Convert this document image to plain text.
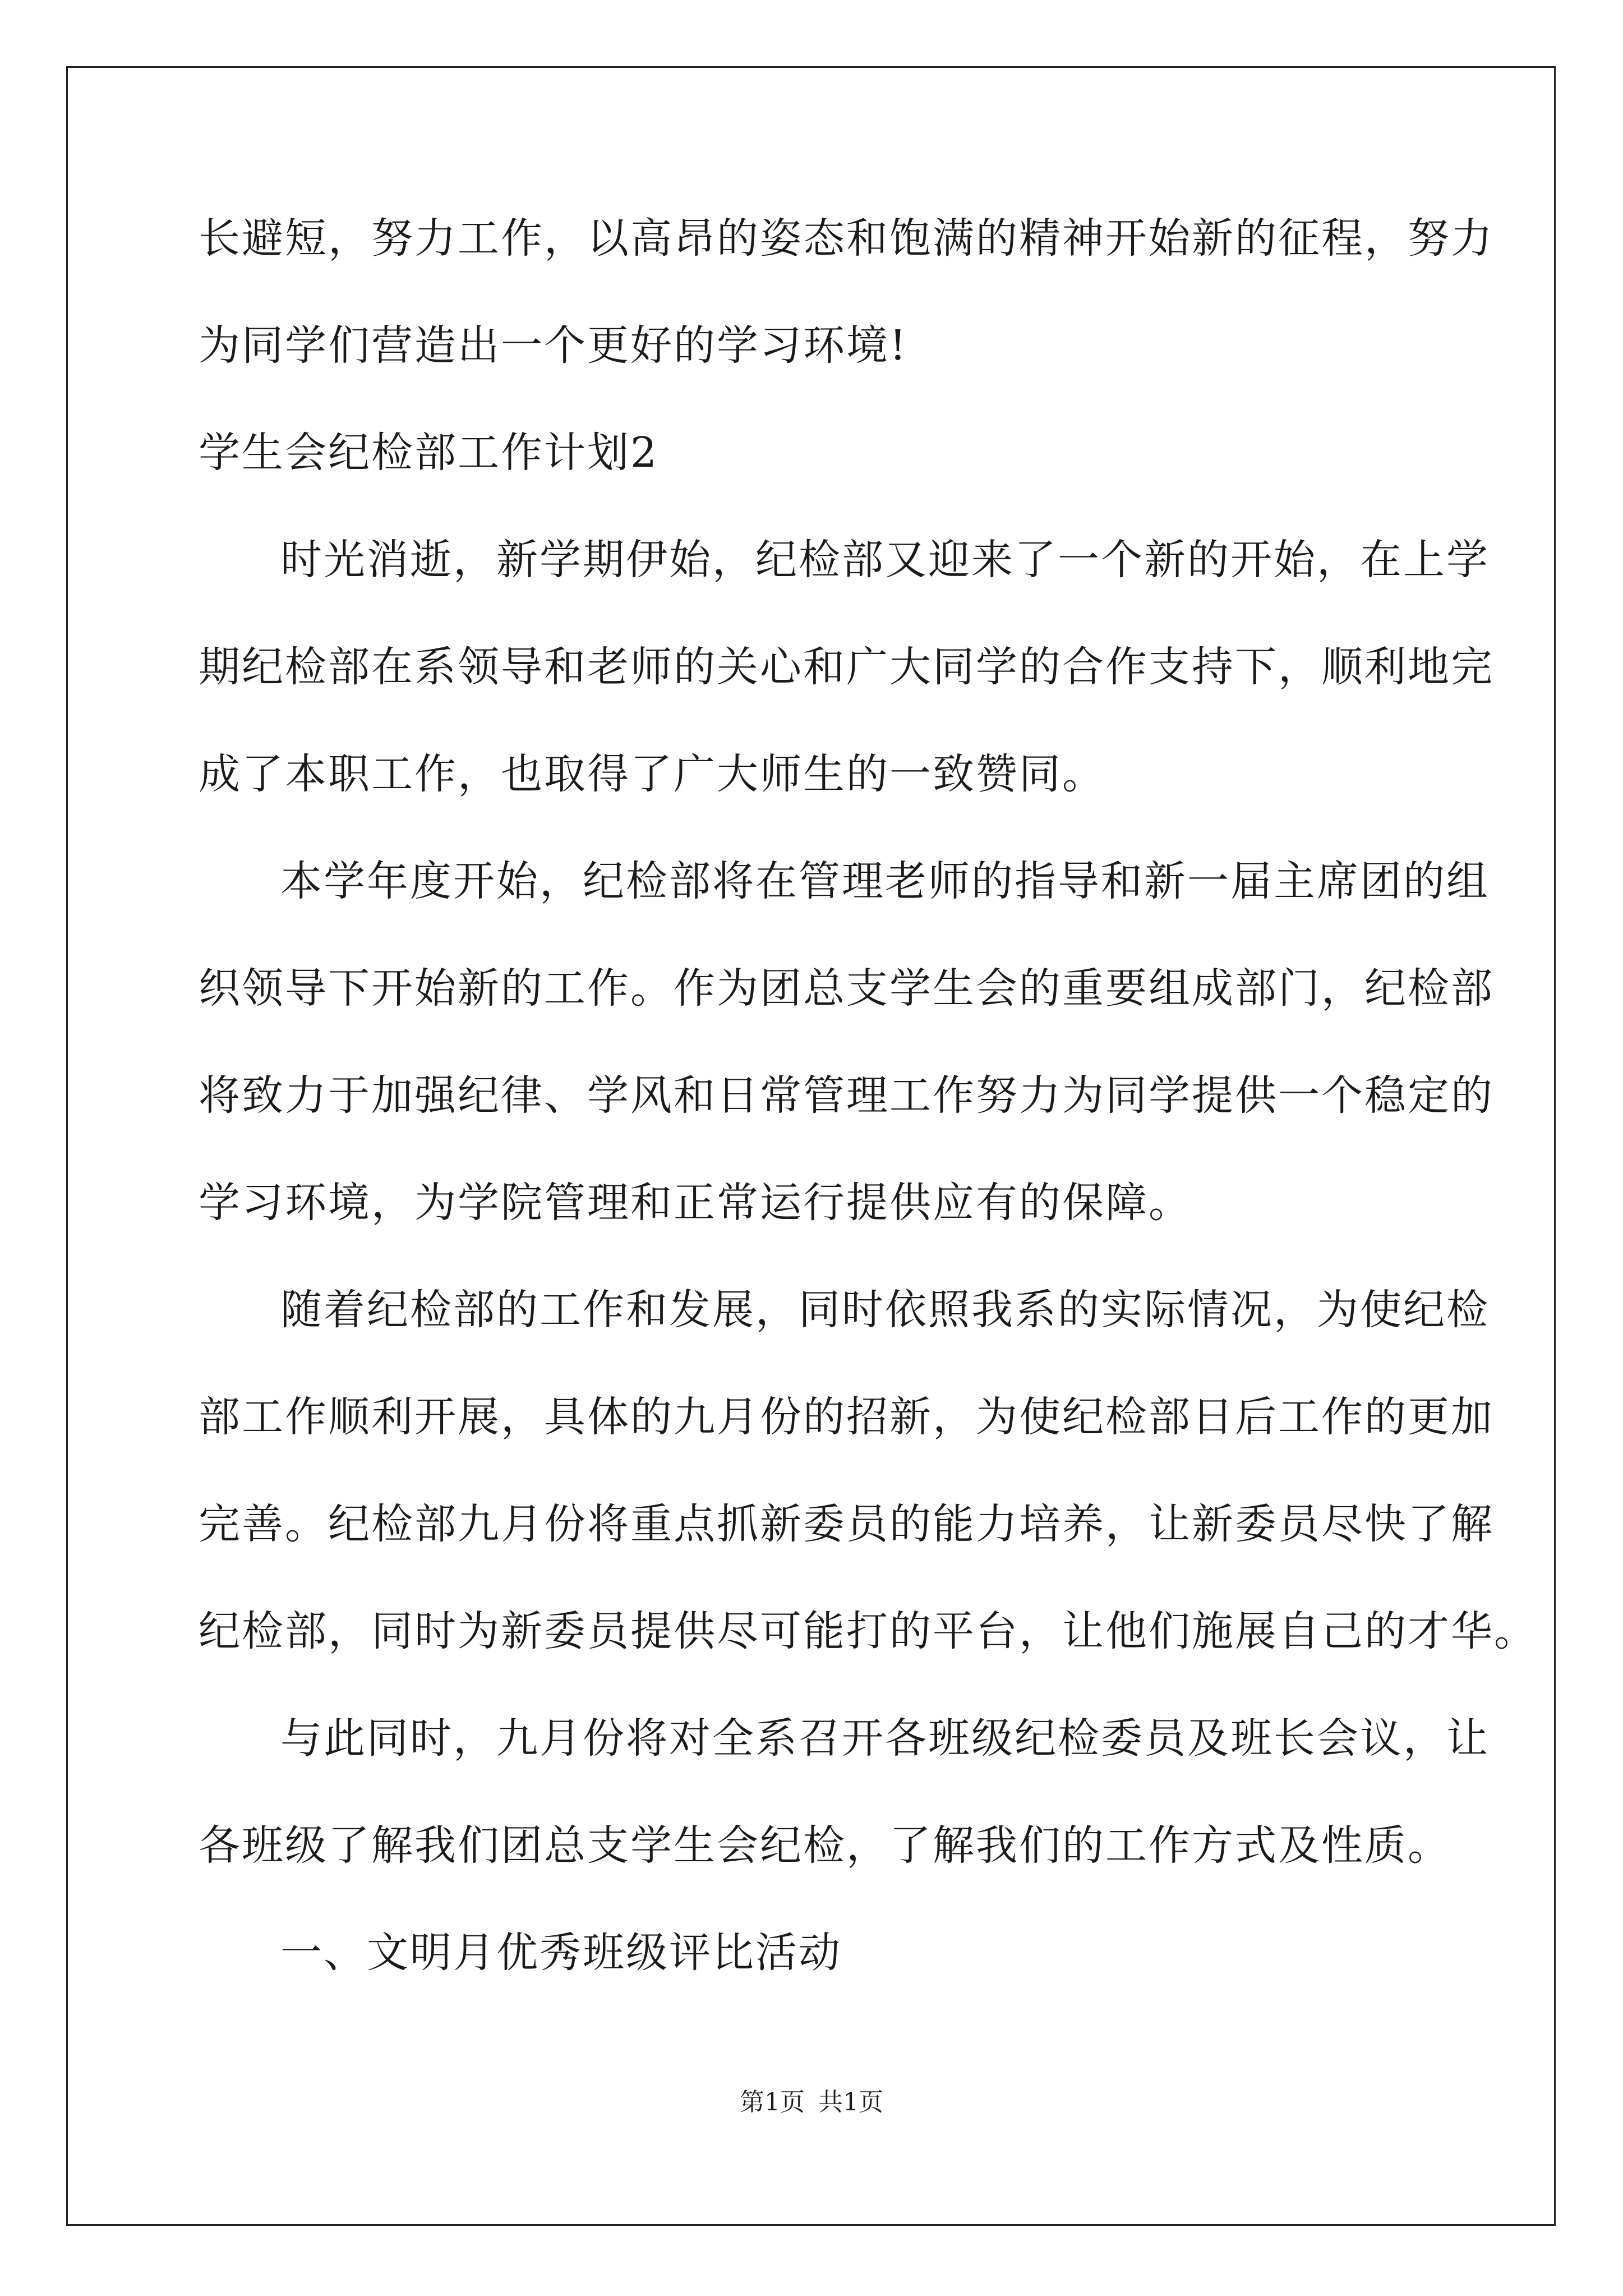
长避短，努力工作，以高昂的姿态和饱满的精神开始新的征程，努力
为同学们营造出一个更好的学习环境!
学生会纪检部工作计划2
时光消逝，新学期伊始，纪检部又迎来了一个新的开始，在上学
期纪检部在系领导和老师的关心和广大同学的合作支持下，顺利地完
成了本职工作，也取得了广大师生的一致赞同。
本学年度开始，纪检部将在管理老师的指导和新一届主席团的组
织领导下开始新的工作。作为团总支学生会的重要组成部门，纪检部
将致力于加强纪律、学风和日常管理工作努力为同学提供一个稳定的
学习环境，为学院管理和正常运行提供应有的保障。
随着纪检部的工作和发展，同时依照我系的实际情况，为使纪检
部工作顺利开展，具体的九月份的招新，为使纪检部日后工作的更加
完善。纪检部九月份将重点抓新委员的能力培养，让新委员尽快了解
纪检部，同时为新委员提供尽可能打的平台，让他们施展自己的才华。
与此同时，九月份将对全系召开各班级纪检委员及班长会议，让
各班级了解我们团总支学生会纪检，了解我们的工作方式及性质。
一、文明月优秀班级评比活动
第1页 共1页
